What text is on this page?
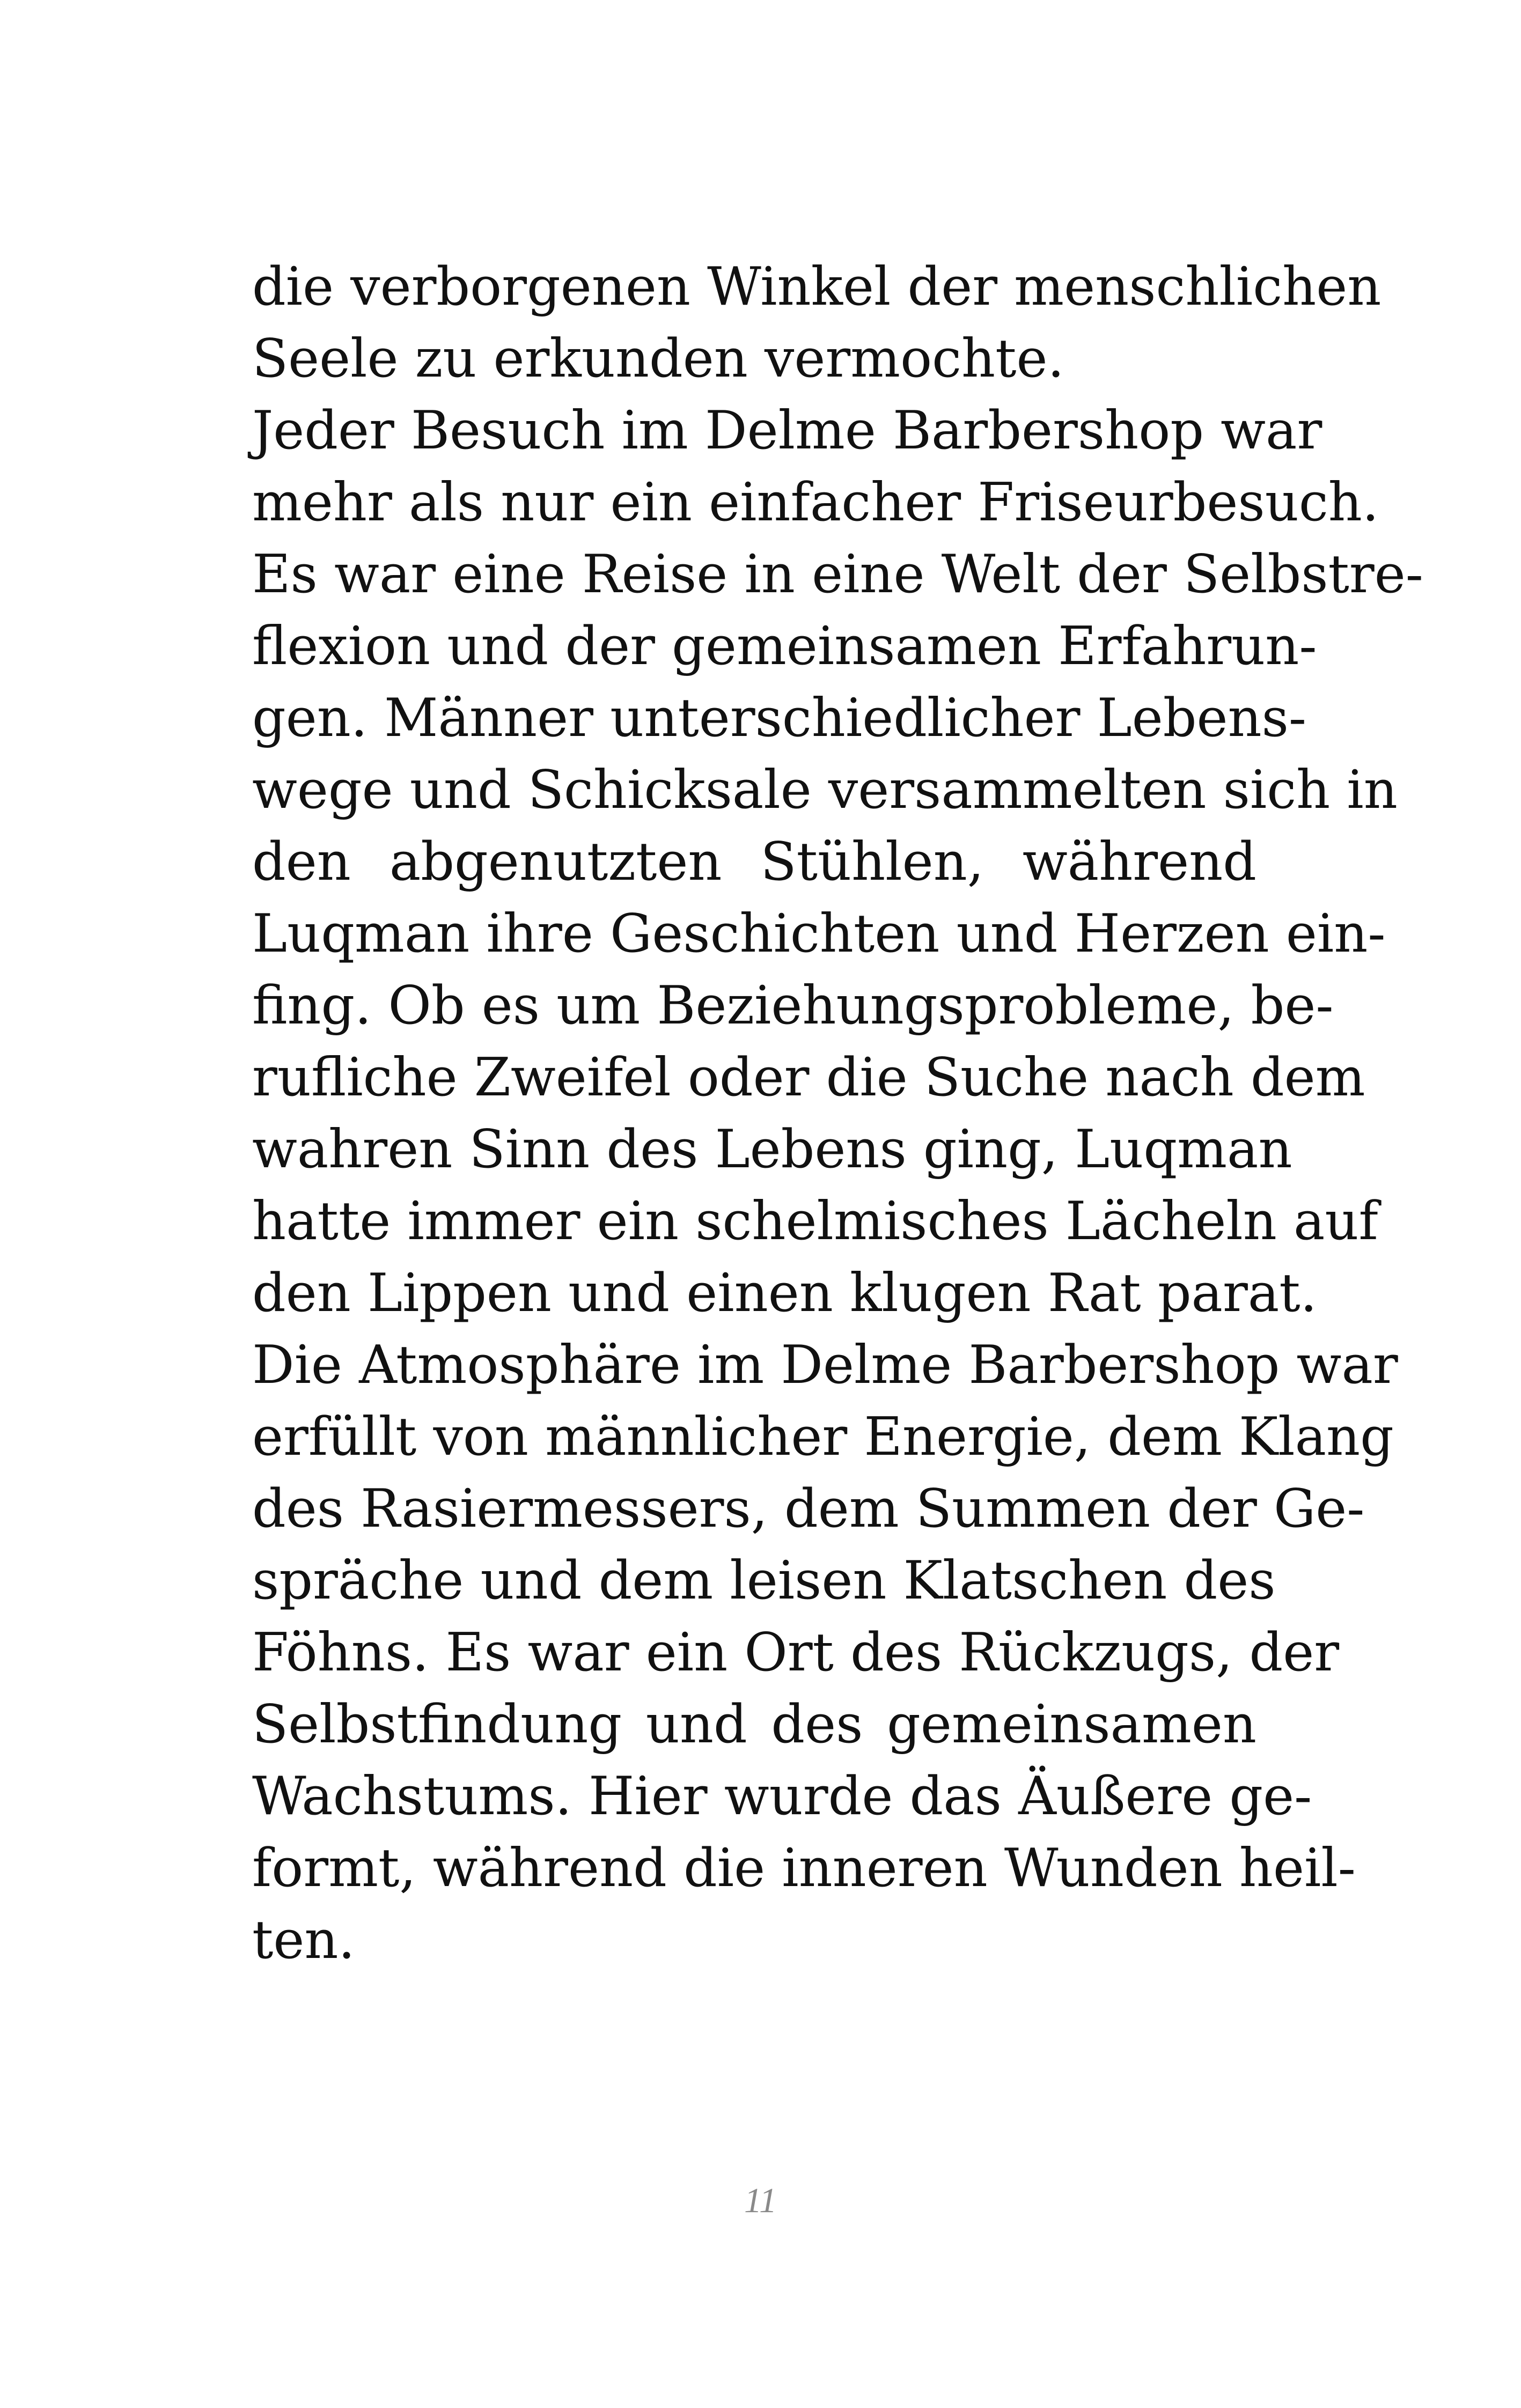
die verborgenen Winkel der menschlichen
Seele zu erkunden vermochte.
Jeder Besuch im Delme Barbershop war
mehr als nur ein einfacher Friseurbesuch.
Es war eine Reise in eine Welt der Selbstre-
flexion und der gemeinsamen Erfahrun-
gen. Männer unterschiedlicher Lebens-
wege und Schicksale versammelten sich in
den abgenutzten Stühlen, während
Luqman ihre Geschichten und Herzen ein-
fing. Ob es um Beziehungsprobleme, be-
rufliche Zweifel oder die Suche nach dem
wahren Sinn des Lebens ging, Luqman
hatte immer ein schelmisches Lächeln auf
den Lippen und einen klugen Rat parat.
Die Atmosphäre im Delme Barbershop war
erfüllt von männlicher Energie, dem Klang
des Rasiermessers, dem Summen der Ge-
spräche und dem leisen Klatschen des
Föhns. Es war ein Ort des Rückzugs, der
Selbstfindung und des gemeinsamen
Wachstums. Hier wurde das Äußere ge-
formt, während die inneren Wunden heil-
ten.
11
